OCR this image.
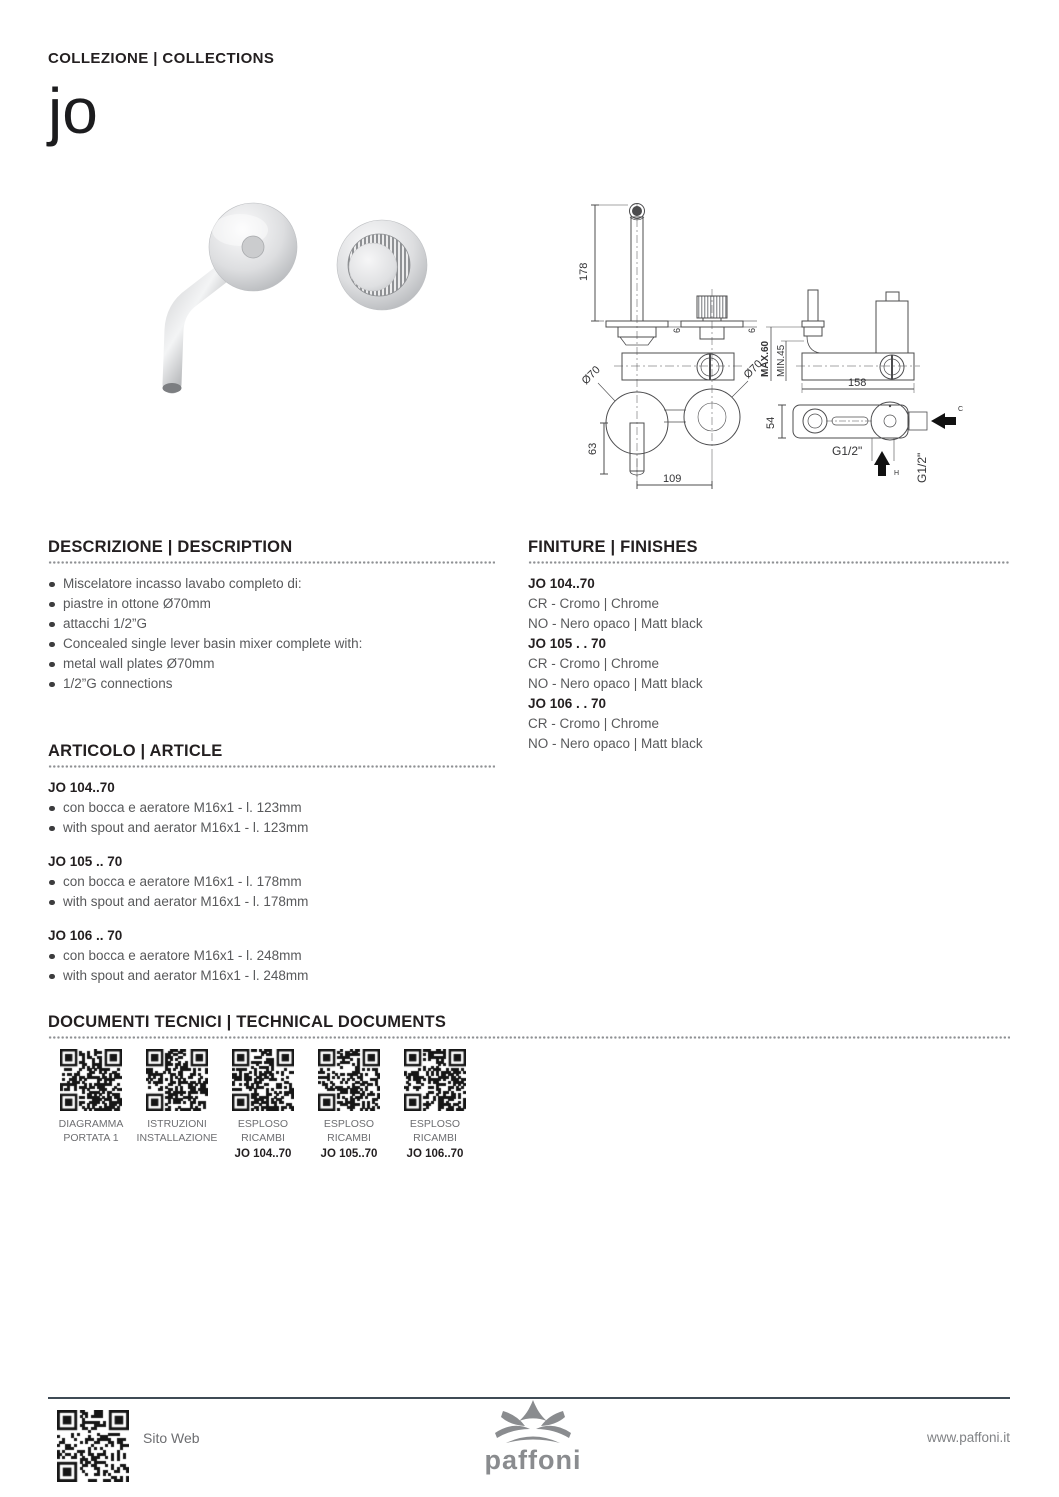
COLLEZIONE | COLLECTIONS
jo
178
6	6
Ø70	Ø70
63
109
MAX.60 MIN.45
158
C
H
G1/2"
G1/2"
54
DESCRIZIONE | DESCRIPTION
Miscelatore incasso lavabo completo di:
piastre in ottone Ø70mm
attacchi 1/2”G
Concealed single lever basin mixer complete with:
metal wall plates Ø70mm
1/2”G connections
ARTICOLO | ARTICLE
JO 104..70
con bocca e aeratore M16x1 - l. 123mm
with spout and aerator M16x1 - l. 123mm
JO 105 .. 70
con bocca e aeratore M16x1 - l. 178mm
with spout and aerator M16x1 - l. 178mm
JO 106 .. 70
con bocca e aeratore M16x1 - l. 248mm
with spout and aerator M16x1 - l. 248mm
FINITURE | FINISHES
JO 104..70
CR - Cromo | Chrome
NO - Nero opaco | Matt black
JO 105 . . 70
CR - Cromo | Chrome
NO - Nero opaco | Matt black
JO 106 . . 70
CR - Cromo | Chrome
NO - Nero opaco | Matt black
DOCUMENTI TECNICI | TECHNICAL DOCUMENTS
DIAGRAMMA
PORTATA 1
ISTRUZIONI
INSTALLAZIONE
ESPLOSO
RICAMBI
JO 104..70
ESPLOSO
RICAMBI
JO 105..70
ESPLOSO
RICAMBI
JO 106..70
Sito Web
paffoni
www.paffoni.it
